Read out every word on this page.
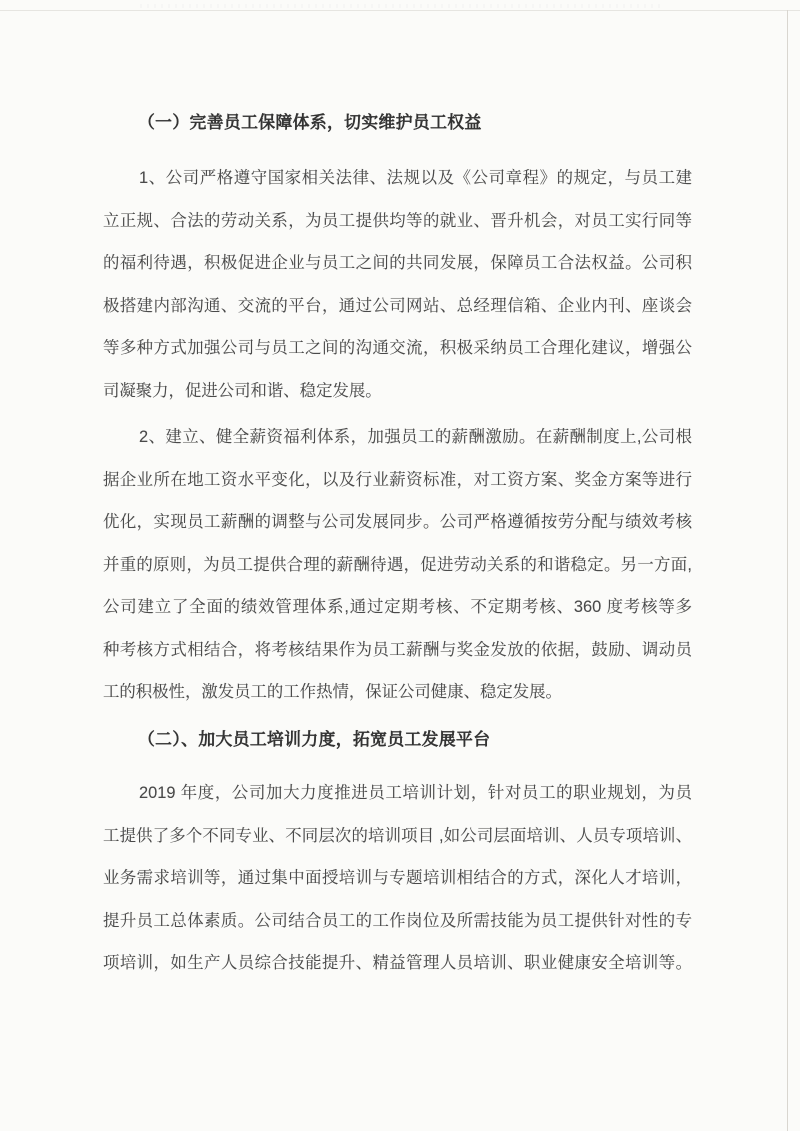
（一）完善员工保障体系，切实维护员工权益
1、公司严格遵守国家相关法律、法规以及《公司章程》的规定，与员工建
立正规、合法的劳动关系，为员工提供均等的就业、晋升机会，对员工实行同等
的福利待遇，积极促进企业与员工之间的共同发展，保障员工合法权益。公司积
极搭建内部沟通、交流的平台，通过公司网站、总经理信箱、企业内刊、座谈会
等多种方式加强公司与员工之间的沟通交流，积极采纳员工合理化建议，增强公
司凝聚力，促进公司和谐、稳定发展。
2、建立、健全薪资福利体系，加强员工的薪酬激励。在薪酬制度上,公司根
据企业所在地工资水平变化，以及行业薪资标准，对工资方案、奖金方案等进行
优化，实现员工薪酬的调整与公司发展同步。公司严格遵循按劳分配与绩效考核
并重的原则，为员工提供合理的薪酬待遇，促进劳动关系的和谐稳定。另一方面,
公司建立了全面的绩效管理体系,通过定期考核、不定期考核、360 度考核等多
种考核方式相结合，将考核结果作为员工薪酬与奖金发放的依据，鼓励、调动员
工的积极性，激发员工的工作热情，保证公司健康、稳定发展。
（二）、加大员工培训力度，拓宽员工发展平台
2019 年度，公司加大力度推进员工培训计划，针对员工的职业规划，为员
工提供了多个不同专业、不同层次的培训项目 ,如公司层面培训、人员专项培训、
业务需求培训等，通过集中面授培训与专题培训相结合的方式，深化人才培训，
提升员工总体素质。公司结合员工的工作岗位及所需技能为员工提供针对性的专
项培训，如生产人员综合技能提升、精益管理人员培训、职业健康安全培训等。
